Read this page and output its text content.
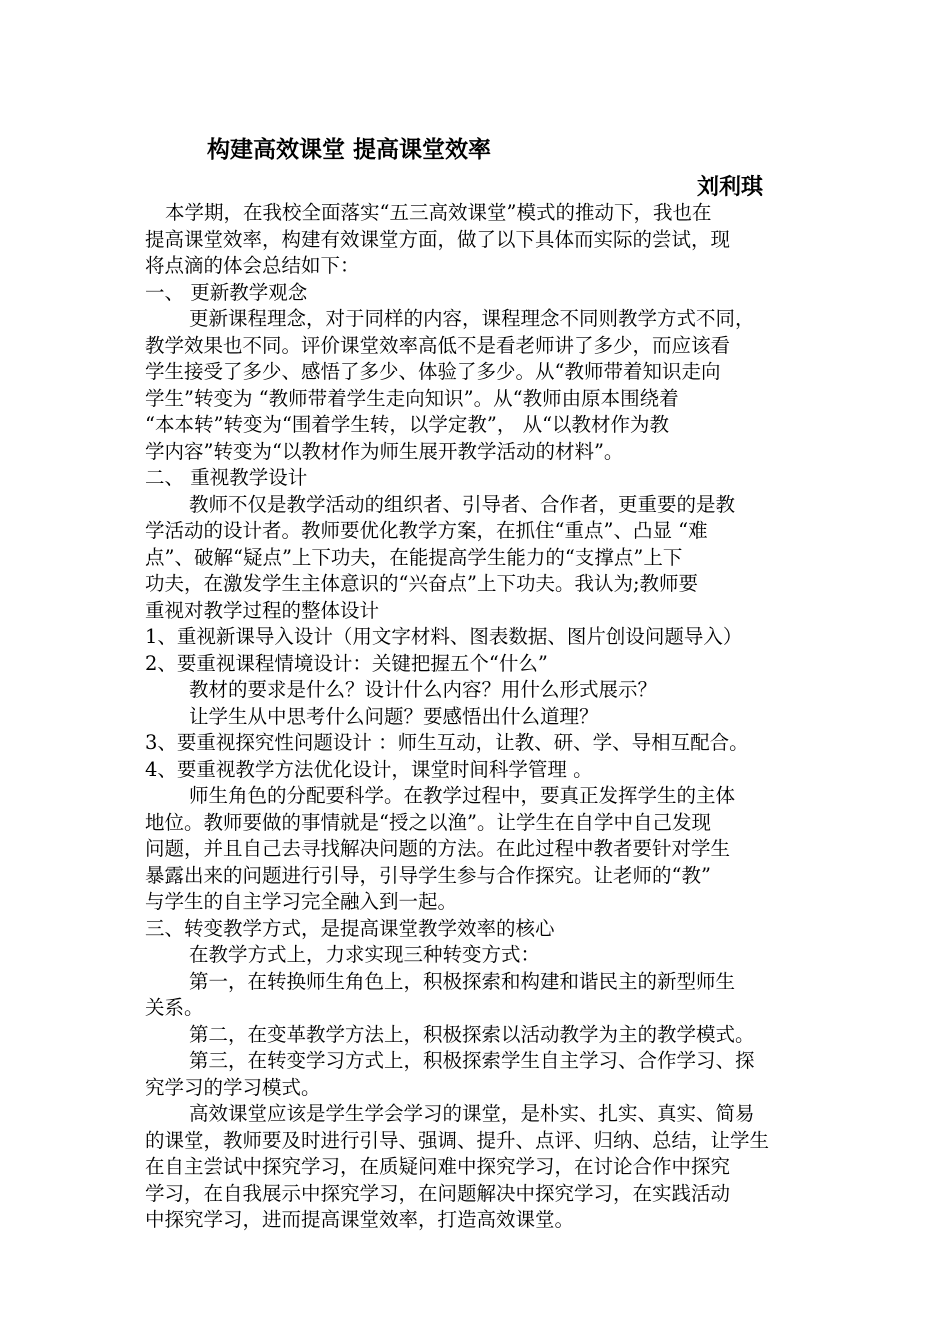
构建高效课堂 提高课堂效率
刘利琪
本学期，在我校全面落实“五三高效课堂”模式的推动下，我也在
提高课堂效率，构建有效课堂方面，做了以下具体而实际的尝试，现
将点滴的体会总结如下：
一、 更新教学观念
更新课程理念，对于同样的内容，课程理念不同则教学方式不同，
教学效果也不同。评价课堂效率高低不是看老师讲了多少，而应该看
学生接受了多少、感悟了多少、体验了多少。从“教师带着知识走向
学生”转变为 “教师带着学生走向知识”。从“教师由原本围绕着
“本本转”转变为“围着学生转，以学定教”， 从“以教材作为教
学内容”转变为“以教材作为师生展开教学活动的材料”。
二、 重视教学设计
教师不仅是教学活动的组织者、引导者、合作者，更重要的是教
学活动的设计者。教师要优化教学方案，在抓住“重点”、凸显 “难
点”、破解“疑点”上下功夫，在能提高学生能力的“支撑点”上下
功夫，在激发学生主体意识的“兴奋点”上下功夫。我认为;教师要
重视对教学过程的整体设计
1、重视新课导入设计（用文字材料、图表数据、图片创设问题导入）
2、要重视课程情境设计：关键把握五个“什么”
教材的要求是什么？设计什么内容？用什么形式展示？
让学生从中思考什么问题？要感悟出什么道理？
3、要重视探究性问题设计 ：师生互动，让教、研、学、导相互配合。
4、要重视教学方法优化设计，课堂时间科学管理 。
师生角色的分配要科学。在教学过程中，要真正发挥学生的主体
地位。教师要做的事情就是“授之以渔”。让学生在自学中自己发现
问题，并且自己去寻找解决问题的方法。在此过程中教者要针对学生
暴露出来的问题进行引导，引导学生参与合作探究。让老师的“教”
与学生的自主学习完全融入到一起。
三、转变教学方式，是提高课堂教学效率的核心
在教学方式上，力求实现三种转变方式：
第一，在转换师生角色上，积极探索和构建和谐民主的新型师生
关系。
第二，在变革教学方法上，积极探索以活动教学为主的教学模式。
第三，在转变学习方式上，积极探索学生自主学习、合作学习、探
究学习的学习模式。
高效课堂应该是学生学会学习的课堂，是朴实、扎实、真实、简易
的课堂，教师要及时进行引导、强调、提升、点评、归纳、总结，让学生
在自主尝试中探究学习，在质疑问难中探究学习，在讨论合作中探究
学习，在自我展示中探究学习，在问题解决中探究学习，在实践活动
中探究学习，进而提高课堂效率，打造高效课堂。
